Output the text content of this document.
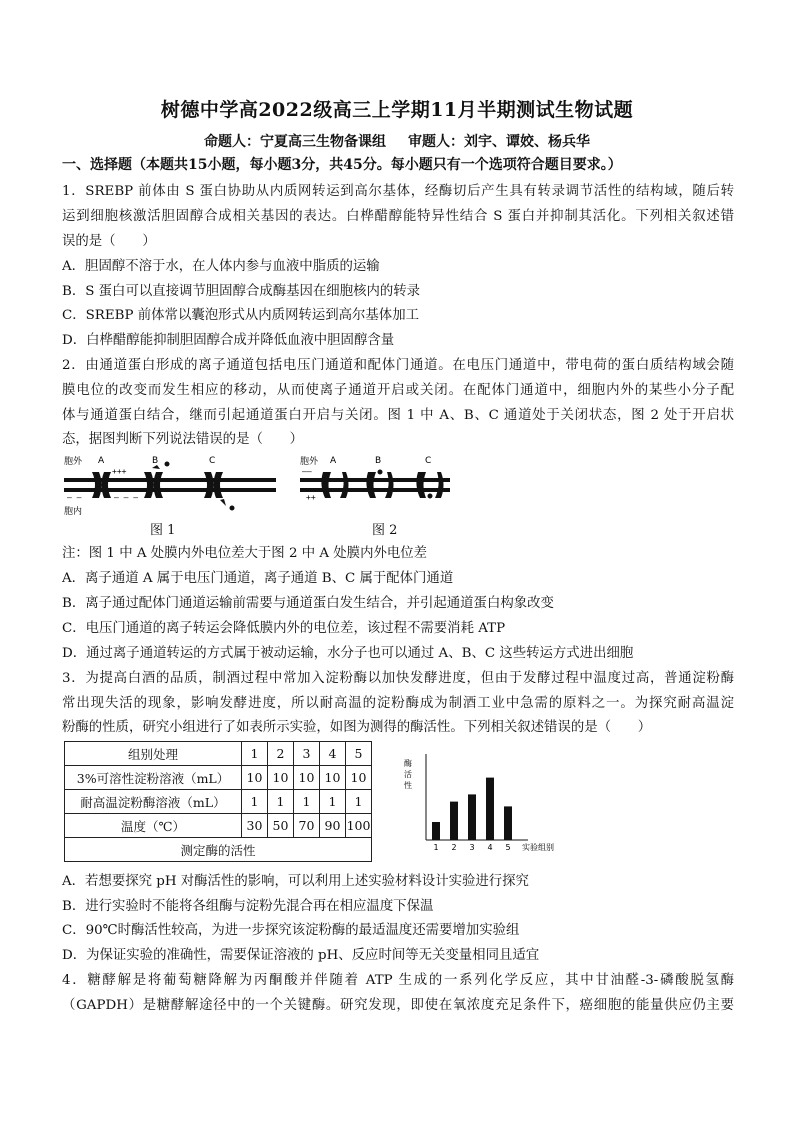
树德中学高2022级高三上学期11月半期测试生物试题
命题人：宁夏高三生物备课组 审题人：刘宇、谭姣、杨兵华
一、选择题（本题共15小题，每小题3分，共45分。每小题只有一个选项符合题目要求。）
1．SREBP 前体由 S 蛋白协助从内质网转运到高尔基体，经酶切后产生具有转录调节活性的结构域，随后转
运到细胞核激活胆固醇合成相关基因的表达。白桦醋醇能特异性结合 S 蛋白并抑制其活化。下列相关叙述错
误的是（　　）
A．胆固醇不溶于水，在人体内参与血液中脂质的运输
B．S 蛋白可以直接调节胆固醇合成酶基因在细胞核内的转录
C．SREBP 前体常以囊泡形式从内质网转运到高尔基体加工
D．白桦醋醇能抑制胆固醇合成并降低血液中胆固醇含量
2．由通道蛋白形成的离子通道包括电压门通道和配体门通道。在电压门通道中，带电荷的蛋白质结构域会随
膜电位的改变而发生相应的移动，从而使离子通道开启或关闭。在配体门通道中，细胞内外的某些小分子配
体与通道蛋白结合，继而引起通道蛋白开启与关闭。图 1 中 A、B、C 通道处于关闭状态，图 2 处于开启状
态，据图判断下列说法错误的是（　　）
胞外
胞内
A	B	C
+++
‒ ‒	‒ ‒ ‒
图 1
胞外 A	B	C
‒‒
++
图 2
注：图 1 中 A 处膜内外电位差大于图 2 中 A 处膜内外电位差
A．离子通道 A 属于电压门通道，离子通道 B、C 属于配体门通道
B．离子通过配体门通道运输前需要与通道蛋白发生结合，并引起通道蛋白构象改变
C．电压门通道的离子转运会降低膜内外的电位差，该过程不需要消耗 ATP
D．通过离子通道转运的方式属于被动运输，水分子也可以通过 A、B、C 这些转运方式进出细胞
3．为提高白酒的品质，制酒过程中常加入淀粉酶以加快发酵进度，但由于发酵过程中温度过高，普通淀粉酶
常出现失活的现象，影响发酵进度，所以耐高温的淀粉酶成为制酒工业中急需的原料之一。为探究耐高温淀
粉酶的性质，研究小组进行了如表所示实验，如图为测得的酶活性。下列相关叙述错误的是（　　）
组别处理	1	2	3	4	5
3%可溶性淀粉溶液（mL）	10	10	10	10	10
耐高温淀粉酶溶液（mL）	1	1	1	1	1
温度（℃）	30	50	70	90	100
测定酶的活性					
酶
活
性
1 2 3 4 5 实验组别
A．若想要探究 pH 对酶活性的影响，可以利用上述实验材料设计实验进行探究
B．进行实验时不能将各组酶与淀粉先混合再在相应温度下保温
C．90℃时酶活性较高，为进一步探究该淀粉酶的最适温度还需要增加实验组
D．为保证实验的准确性，需要保证溶液的 pH、反应时间等无关变量相同且适宜
4．糖酵解是将葡萄糖降解为丙酮酸并伴随着 ATP 生成的一系列化学反应，其中甘油醛-3-磷酸脱氢酶
（GAPDH）是糖酵解途径中的一个关键酶。研究发现，即使在氧浓度充足条件下，癌细胞的能量供应仍主要
